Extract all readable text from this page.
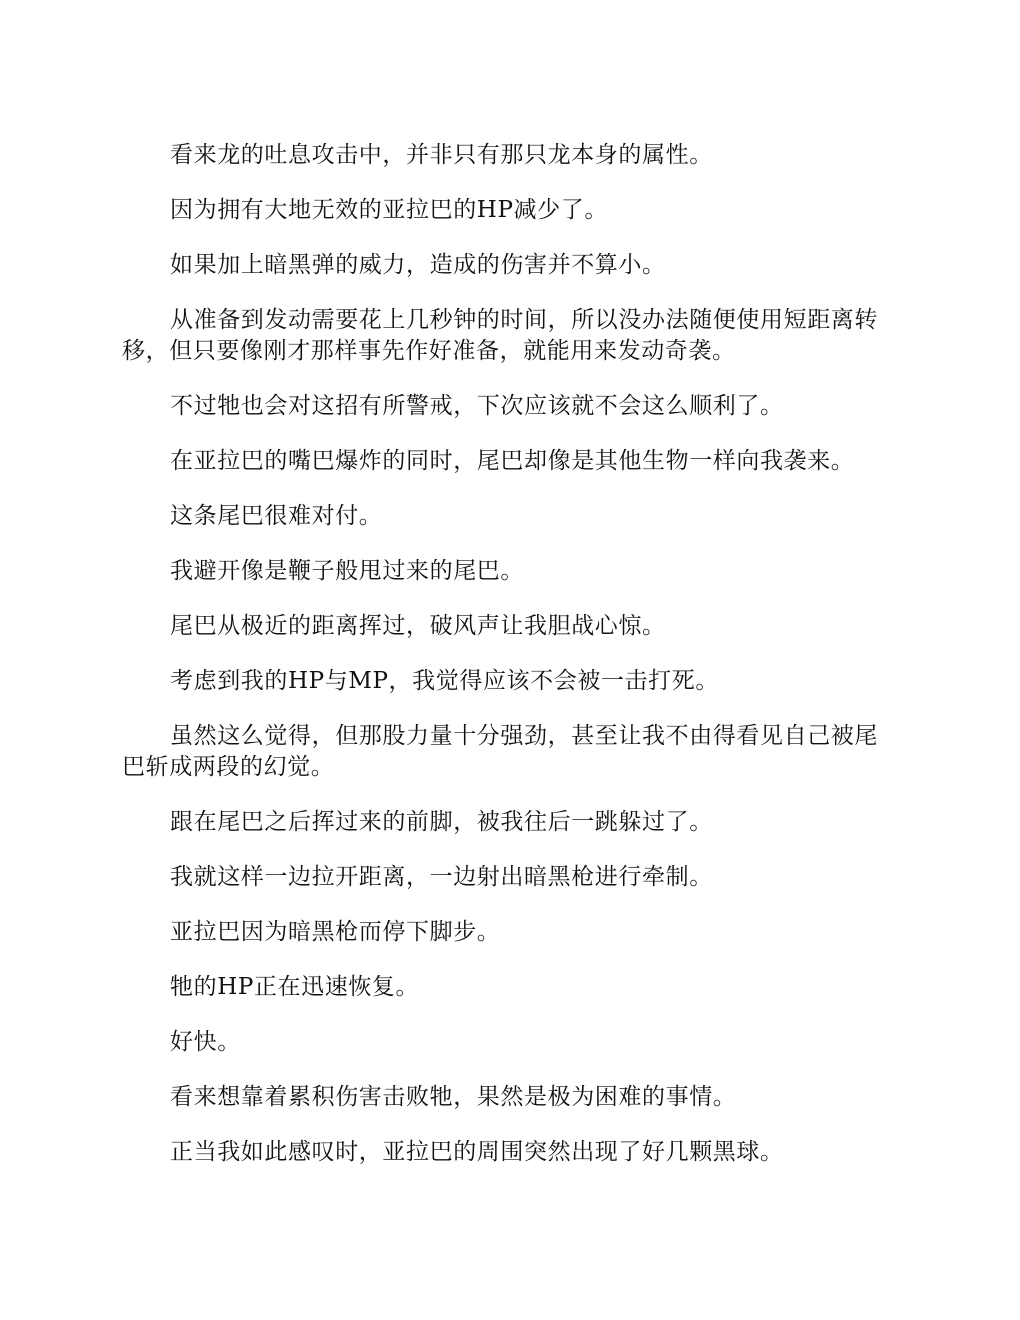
看来龙的吐息攻击中，并非只有那只龙本身的属性。

因为拥有大地无效的亚拉巴的HP减少了。

如果加上暗黑弹的威力，造成的伤害并不算小。

从准备到发动需要花上几秒钟的时间，所以没办法随便使用短距离转移，但只要像刚才那样事先作好准备，就能用来发动奇袭。

不过牠也会对这招有所警戒，下次应该就不会这么顺利了。

在亚拉巴的嘴巴爆炸的同时，尾巴却像是其他生物一样向我袭来。

这条尾巴很难对付。

我避开像是鞭子般甩过来的尾巴。

尾巴从极近的距离挥过，破风声让我胆战心惊。

考虑到我的HP与MP，我觉得应该不会被一击打死。

虽然这么觉得，但那股力量十分强劲，甚至让我不由得看见自己被尾巴斩成两段的幻觉。

跟在尾巴之后挥过来的前脚，被我往后一跳躲过了。

我就这样一边拉开距离，一边射出暗黑枪进行牵制。

亚拉巴因为暗黑枪而停下脚步。

牠的HP正在迅速恢复。

好快。

看来想靠着累积伤害击败牠，果然是极为困难的事情。

正当我如此感叹时，亚拉巴的周围突然出现了好几颗黑球。
